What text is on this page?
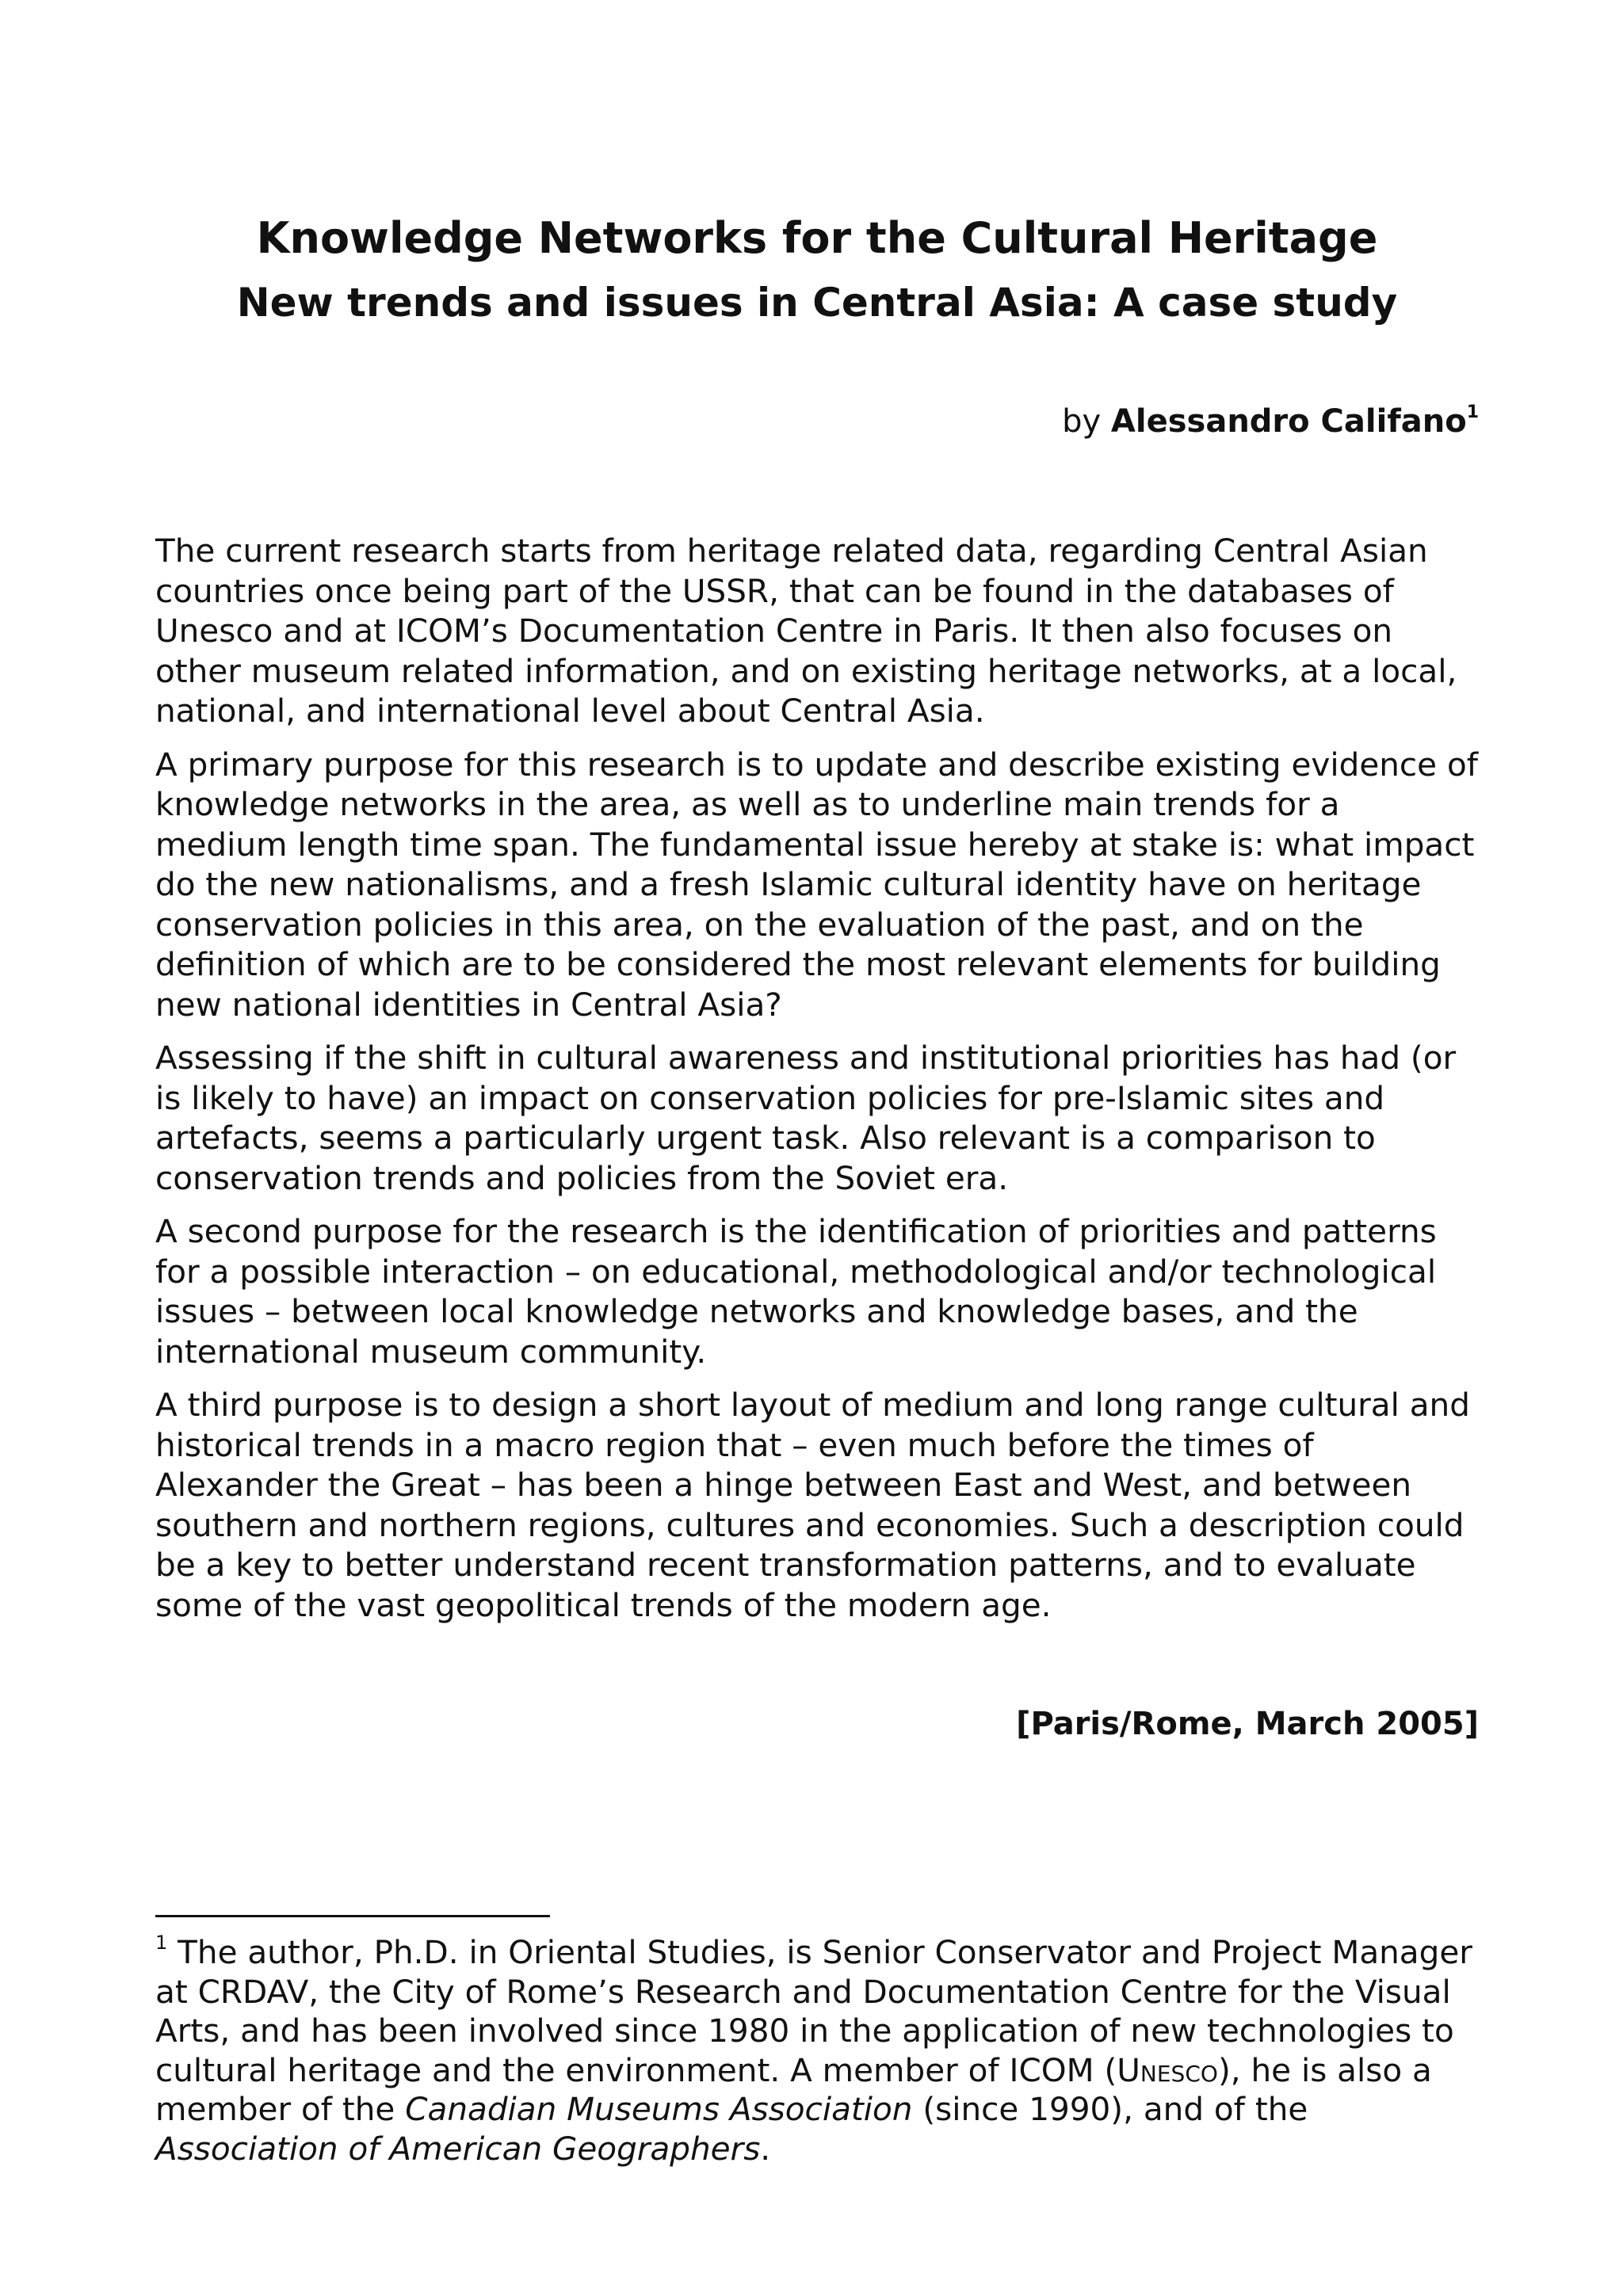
Knowledge Networks for the Cultural Heritage
New trends and issues in Central Asia: A case study
by Alessandro Califano$^1$

The current research starts from heritage related data, regarding Central Asian countries once being part of the USSR, that can be found in the databases of Unesco and at ICOM’s Documentation Centre in Paris. It then also focuses on other museum related information, and on existing heritage networks, at a local, national, and international level about Central Asia.

A primary purpose for this research is to update and describe existing evidence of knowledge networks in the area, as well as to underline main trends for a medium length time span. The fundamental issue hereby at stake is: what impact do the new nationalisms, and a fresh Islamic cultural identity have on heritage conservation policies in this area, on the evaluation of the past, and on the definition of which are to be considered the most relevant elements for building new national identities in Central Asia?

Assessing if the shift in cultural awareness and institutional priorities has had (or is likely to have) an impact on conservation policies for pre-Islamic sites and artefacts, seems a particularly urgent task. Also relevant is a comparison to conservation trends and policies from the Soviet era.

A second purpose for the research is the identification of priorities and patterns for a possible interaction – on educational, methodological and/or technological issues – between local knowledge networks and knowledge bases, and the international museum community.

A third purpose is to design a short layout of medium and long range cultural and historical trends in a macro region that – even much before the times of Alexander the Great – has been a hinge between East and West, and between southern and northern regions, cultures and economies. Such a description could be a key to better understand recent transformation patterns, and to evaluate some of the vast geopolitical trends of the modern age.

[Paris/Rome, March 2005]
$^1$ The author, Ph.D. in Oriental Studies, is Senior Conservator and Project Manager at CRDAV, the City of Rome’s Research and Documentation Centre for the Visual Arts, and has been involved since 1980 in the application of new technologies to cultural heritage and the environment. A member of ICOM (Unesco), he is also a member of the Canadian Museums Association (since 1990), and of the Association of American Geographers.
